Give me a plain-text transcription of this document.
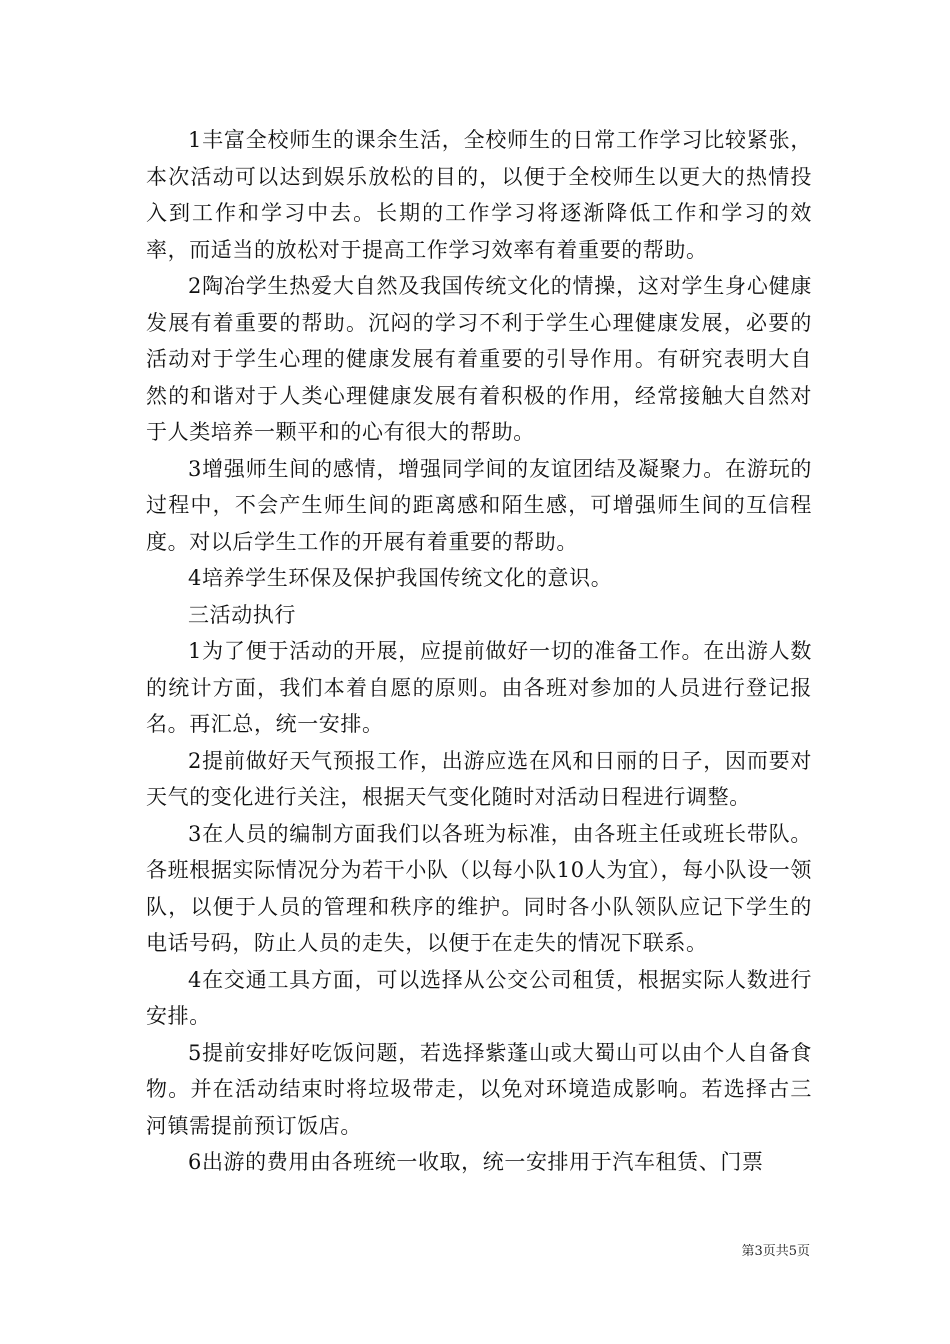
1丰富全校师生的课余生活，全校师生的日常工作学习比较紧张，本次活动可以达到娱乐放松的目的，以便于全校师生以更大的热情投入到工作和学习中去。长期的工作学习将逐渐降低工作和学习的效率，而适当的放松对于提高工作学习效率有着重要的帮助。

2陶冶学生热爱大自然及我国传统文化的情操，这对学生身心健康发展有着重要的帮助。沉闷的学习不利于学生心理健康发展，必要的活动对于学生心理的健康发展有着重要的引导作用。有研究表明大自然的和谐对于人类心理健康发展有着积极的作用，经常接触大自然对于人类培养一颗平和的心有很大的帮助。

3增强师生间的感情，增强同学间的友谊团结及凝聚力。在游玩的过程中，不会产生师生间的距离感和陌生感，可增强师生间的互信程度。对以后学生工作的开展有着重要的帮助。

4培养学生环保及保护我国传统文化的意识。

三活动执行

1为了便于活动的开展，应提前做好一切的准备工作。在出游人数的统计方面，我们本着自愿的原则。由各班对参加的人员进行登记报名。再汇总，统一安排。

2提前做好天气预报工作，出游应选在风和日丽的日子，因而要对天气的变化进行关注，根据天气变化随时对活动日程进行调整。

3在人员的编制方面我们以各班为标准，由各班主任或班长带队。各班根据实际情况分为若干小队（以每小队10人为宜），每小队设一领队，以便于人员的管理和秩序的维护。同时各小队领队应记下学生的电话号码，防止人员的走失，以便于在走失的情况下联系。

4在交通工具方面，可以选择从公交公司租赁，根据实际人数进行安排。

5提前安排好吃饭问题，若选择紫蓬山或大蜀山可以由个人自备食物。并在活动结束时将垃圾带走，以免对环境造成影响。若选择古三河镇需提前预订饭店。

6出游的费用由各班统一收取，统一安排用于汽车租赁、门票

第3页共5页
